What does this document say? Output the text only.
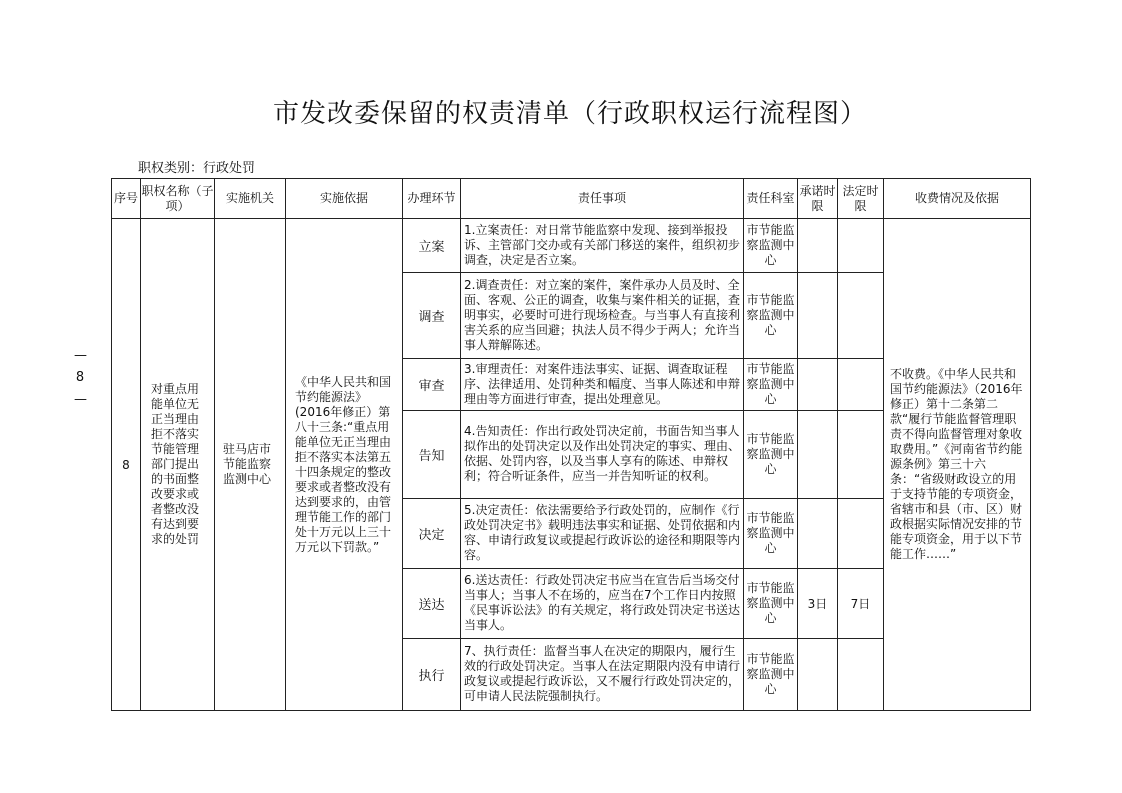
市发改委保留的权责清单（行政职权运行流程图）
职权类别：行政处罚
—
8
—
序号	职权名称（子项）	实施机关	实施依据	办理环节	责任事项	责任科室	承诺时限	法定时限	收费情况及依据
8	对重点用能单位无正当理由拒不落实节能管理部门提出的书面整改要求或者整改没有达到要求的处罚	驻马店市节能监察监测中心	《中华人民共和国节约能源法》(2016年修正）第八十三条:“重点用能单位无正当理由拒不落实本法第五十四条规定的整改要求或者整改没有达到要求的，由管理节能工作的部门处十万元以上三十万元以下罚款。”	立案	1.立案责任：对日常节能监察中发现、接到举报投诉、主管部门交办或有关部门移送的案件，组织初步调查，决定是否立案。	市节能监察监测中心			不收费。《中华人民共和国节约能源法》（2016年修正）第十二条第二款“履行节能监督管理职责不得向监督管理对象收取费用。”《河南省节约能源条例》第三十六条：“省级财政设立的用于支持节能的专项资金，省辖市和县（市、区）财政根据实际情况安排的节能专项资金，用于以下节能工作……”
				调查	2.调查责任：对立案的案件，案件承办人员及时、全面、客观、公正的调查，收集与案件相关的证据，查明事实，必要时可进行现场检查。与当事人有直接利害关系的应当回避；执法人员不得少于两人；允许当事人辩解陈述。	市节能监察监测中心			
				审查	3.审理责任：对案件违法事实、证据、调查取证程序、法律适用、处罚种类和幅度、当事人陈述和申辩理由等方面进行审查，提出处理意见。	市节能监察监测中心			
				告知	4.告知责任：作出行政处罚决定前，书面告知当事人拟作出的处罚决定以及作出处罚决定的事实、理由、依据、处罚内容，以及当事人享有的陈述、申辩权利；符合听证条件，应当一并告知听证的权利。	市节能监察监测中心			
				决定	5.决定责任：依法需要给予行政处罚的，应制作《行政处罚决定书》载明违法事实和证据、处罚依据和内容、申请行政复议或提起行政诉讼的途径和期限等内容。	市节能监察监测中心			
				送达	6.送达责任：行政处罚决定书应当在宣告后当场交付当事人；当事人不在场的，应当在7个工作日内按照《民事诉讼法》的有关规定，将行政处罚决定书送达当事人。	市节能监察监测中心	3日	7日	
				执行	7、执行责任：监督当事人在决定的期限内，履行生效的行政处罚决定。当事人在法定期限内没有申请行政复议或提起行政诉讼，又不履行行政处罚决定的，可申请人民法院强制执行。	市节能监察监测中心			
